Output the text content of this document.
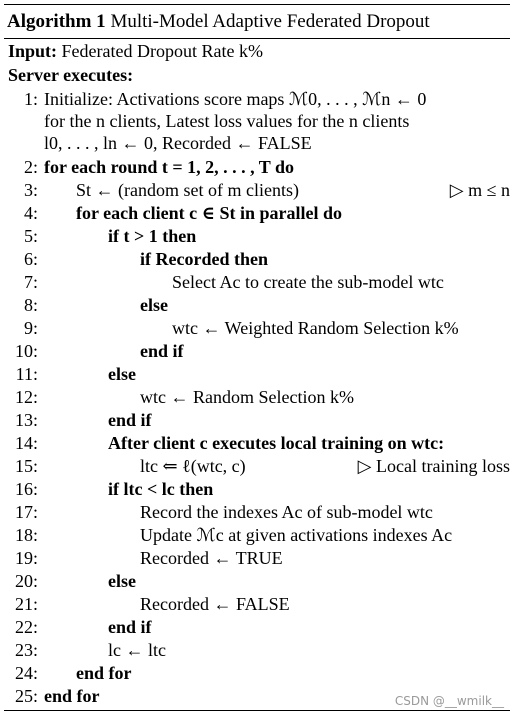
Algorithm 1 Multi-Model Adaptive Federated Dropout
Input: Federated Dropout Rate k%
Server executes:
1: Initialize: Activations score maps ℳ0, . . . , ℳn ← 0
for the n clients, Latest loss values for the n clients
l0, . . . , ln ← 0, Recorded ← FALSE
2: for each round t = 1, 2, . . . , T do
3: St ← (random set of m clients)	▷ m ≤ n
4: for each client c ∈ St in parallel do
5:	if t > 1 then
6:	if Recorded then
7:	Select Ac to create the sub-model wtc
8:	else
9:	wtc ← Weighted Random Selection k%
10:	end if
11:	else
12:	wtc ← Random Selection k%
13:	end if
14:	After client c executes local training on wtc:
15:	ltc ⇐ ℓ(wtc, c)	▷ Local training loss
16:	if ltc < lc then
17:	Record the indexes Ac of sub-model wtc
18:	Update ℳc at given activations indexes Ac
19:	Recorded ← TRUE
20:	else
21:	Recorded ← FALSE
22:	end if
23:	lc ← ltc
24: end for
25: end for	CSDN @__wmilk__
